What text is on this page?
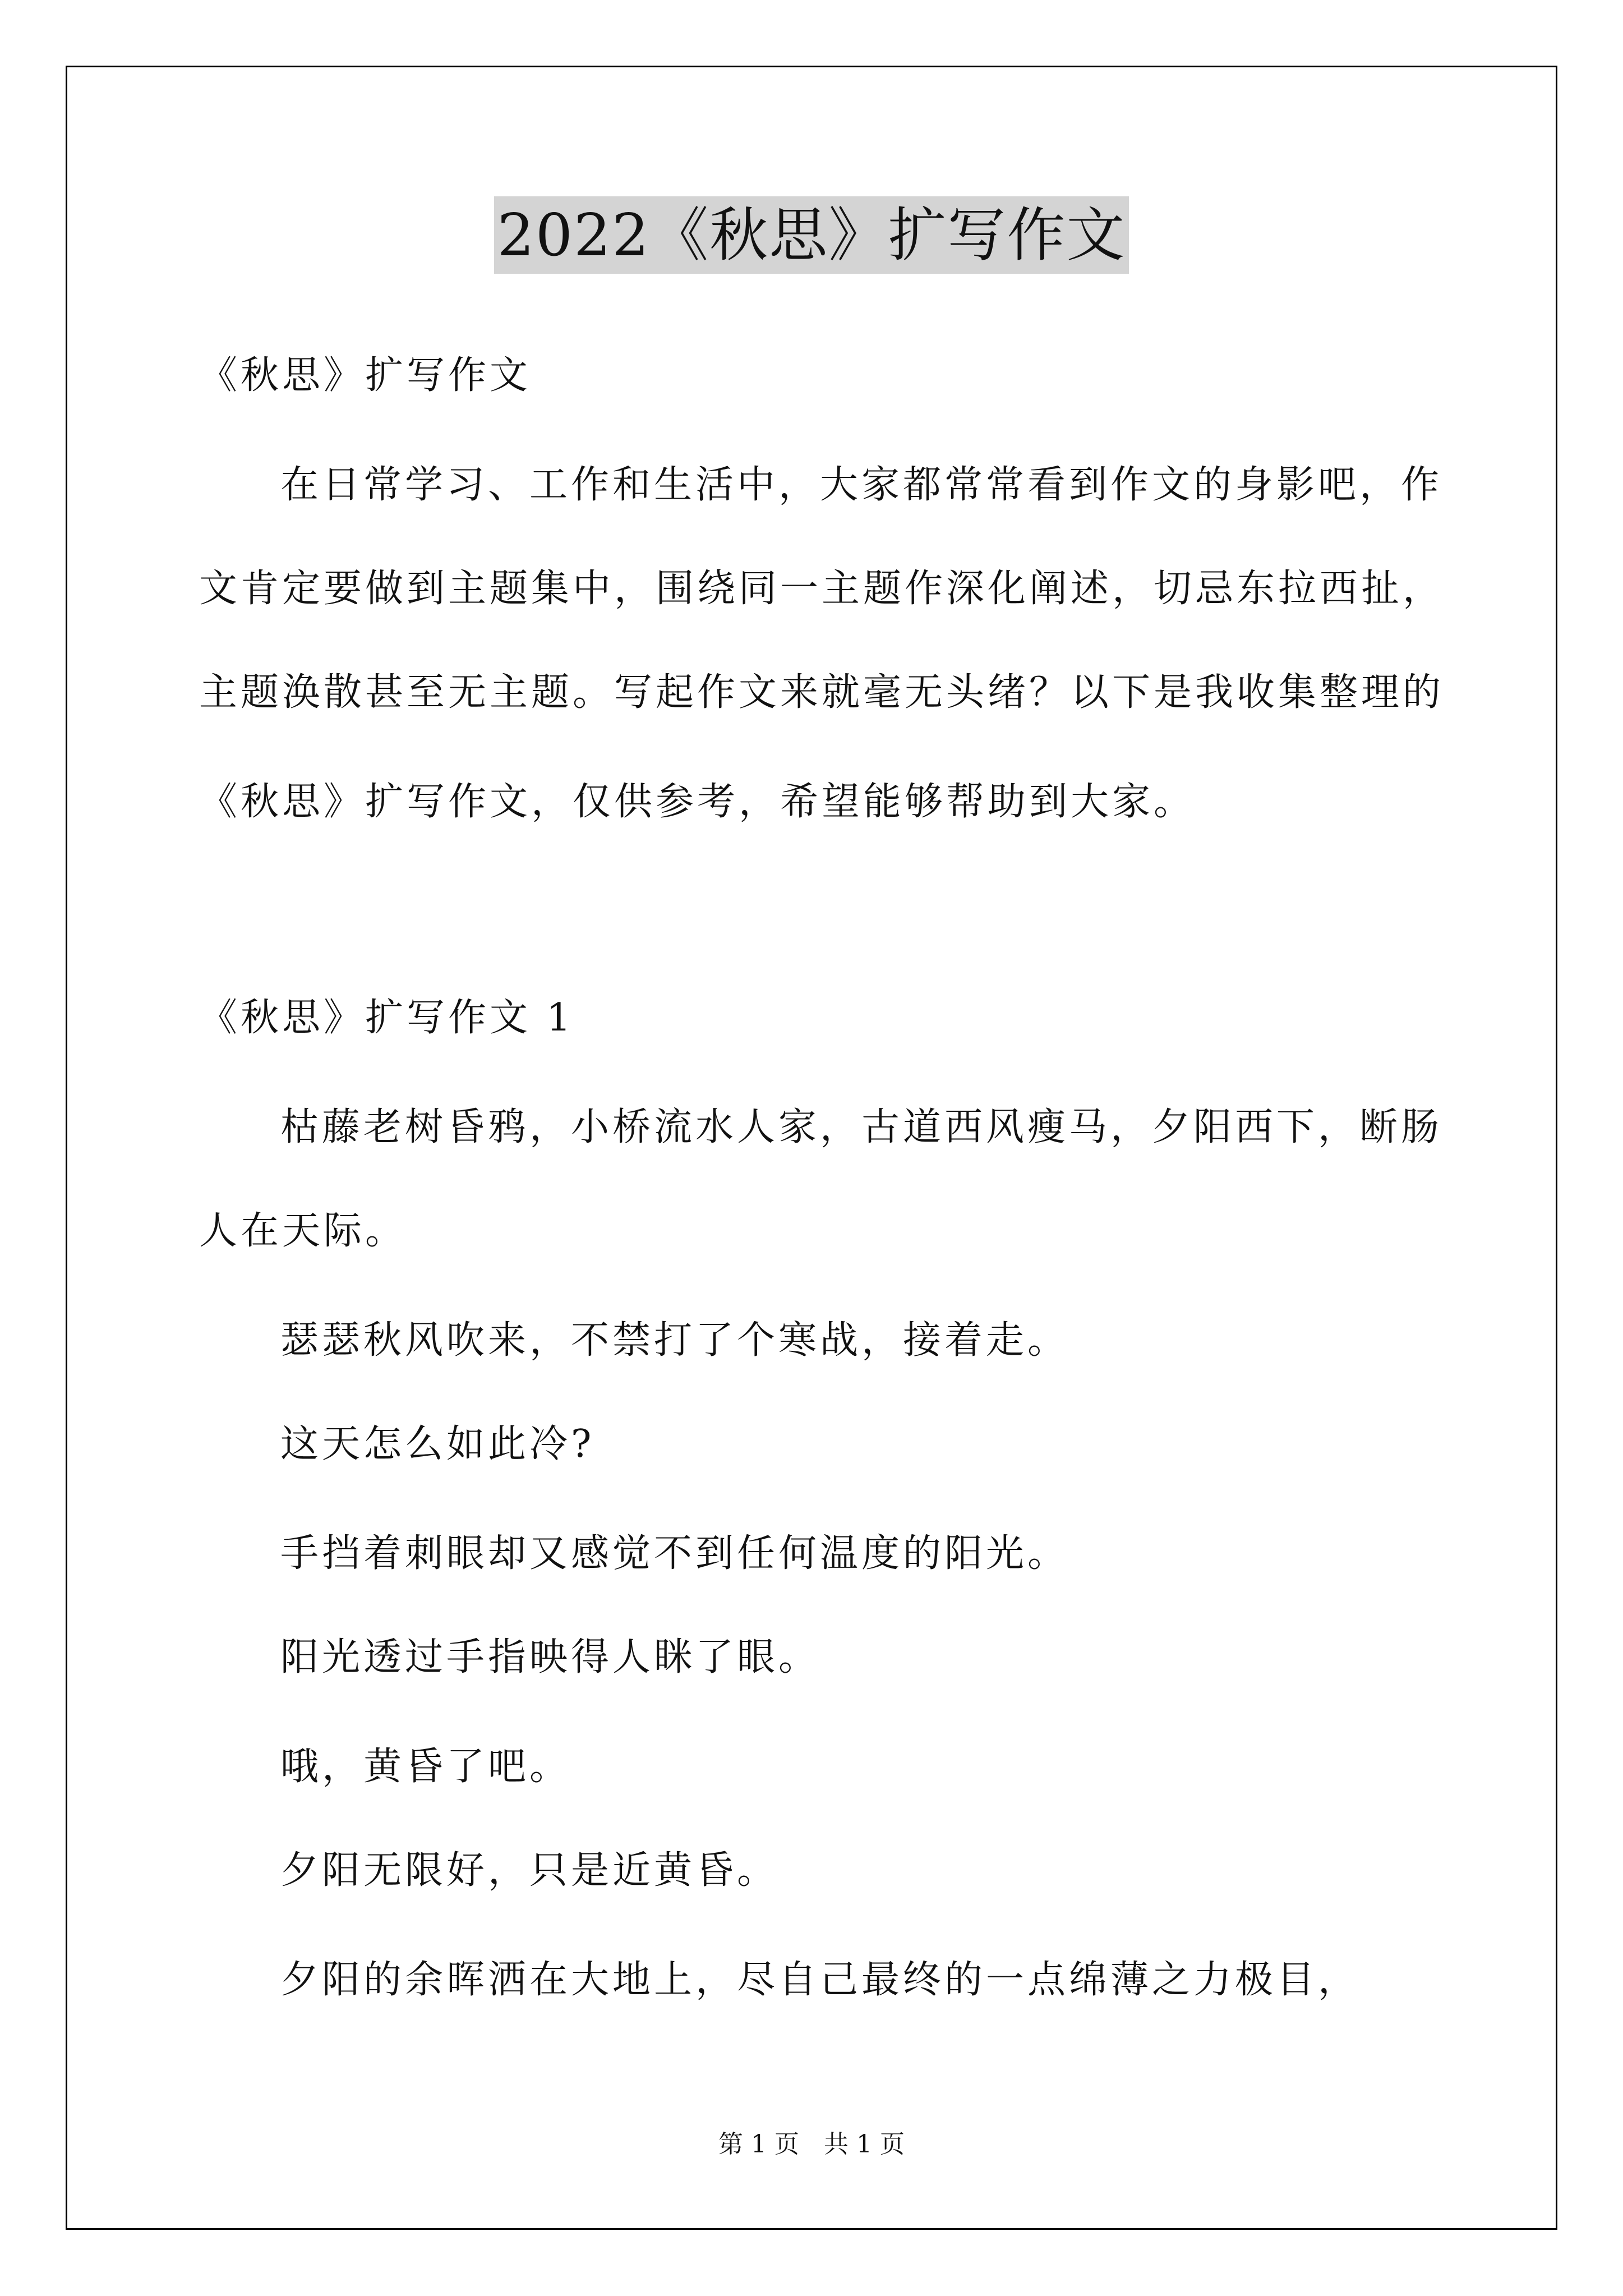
2022《秋思》扩写作文
《秋思》扩写作文
在日常学习、工作和生活中，大家都常常看到作文的身影吧，作
文肯定要做到主题集中，围绕同一主题作深化阐述，切忌东拉西扯，
主题涣散甚至无主题。写起作文来就毫无头绪？以下是我收集整理的
《秋思》扩写作文，仅供参考，希望能够帮助到大家。
《秋思》扩写作文 1
枯藤老树昏鸦，小桥流水人家，古道西风瘦马，夕阳西下，断肠
人在天际。
瑟瑟秋风吹来，不禁打了个寒战，接着走。
这天怎么如此冷?
手挡着刺眼却又感觉不到任何温度的阳光。
阳光透过手指映得人眯了眼。
哦，黄昏了吧。
夕阳无限好，只是近黄昏。
夕阳的余晖洒在大地上，尽自己最终的一点绵薄之力极目，
第 1 页　共 1 页
